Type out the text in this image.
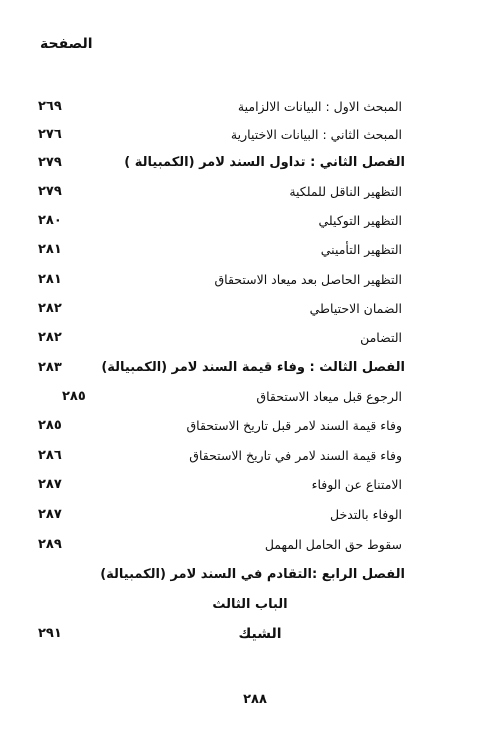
الصفحة
المبحث الاول : البيانات الالزامية
٢٦٩
المبحث الثاني : البيانات الاختيارية
٢٧٦
الفصل الثاني : تداول السند لامر (الكمبيالة )
٢٧٩
التظهير الناقل للملكية
٢٧٩
التظهير التوكيلي
٢٨٠
التظهير التأميني
٢٨١
التظهير الحاصل بعد ميعاد الاستحقاق
٢٨١
الضمان الاحتياطي
٢٨٢
التضامن
٢٨٢
الفصل الثالث : وفاء قيمة السند لامر (الكمبيالة)
٢٨٣
الرجوع قبل ميعاد الاستحقاق
٢٨٥
وفاء قيمة السند لامر قبل تاريخ الاستحقاق
٢٨٥
وفاء قيمة السند لامر في تاريخ الاستحقاق
٢٨٦
الامتناع عن الوفاء
٢٨٧
الوفاء بالتدخل
٢٨٧
سقوط حق الحامل المهمل
٢٨٩
الفصل الرابع :التقادم في السند لامر (الكمبيالة)
الباب الثالث
الشيك
٢٩١
٢٨٨
